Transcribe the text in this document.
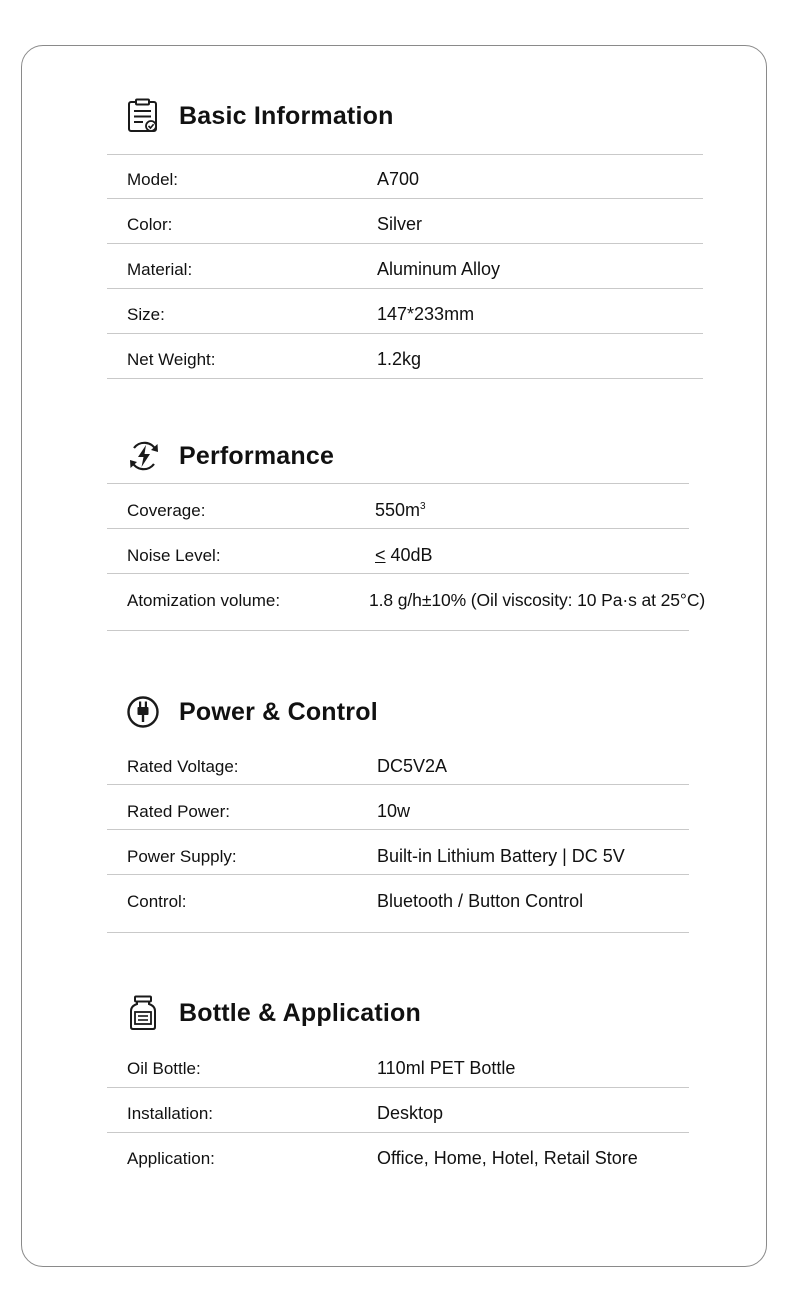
Basic Information
Model:	A700
Color:	Silver
Material:	Aluminum Alloy
Size:	147*233mm
Net Weight:	1.2kg
Performance
Coverage:	$550m^3$
Noise Level:	< 40dB
Atomization volume:	1.8 g/h±10% (Oil viscosity: 10 Pa·s at 25°C)
Power & Control
Rated Voltage:	DC5V2A
Rated Power:	10w
Power Supply:	Built-in Lithium Battery | DC 5V
Control:	Bluetooth / Button Control
Bottle & Application
Oil Bottle:	110ml PET Bottle
Installation:	Desktop
Application:	Office, Home, Hotel, Retail Store
